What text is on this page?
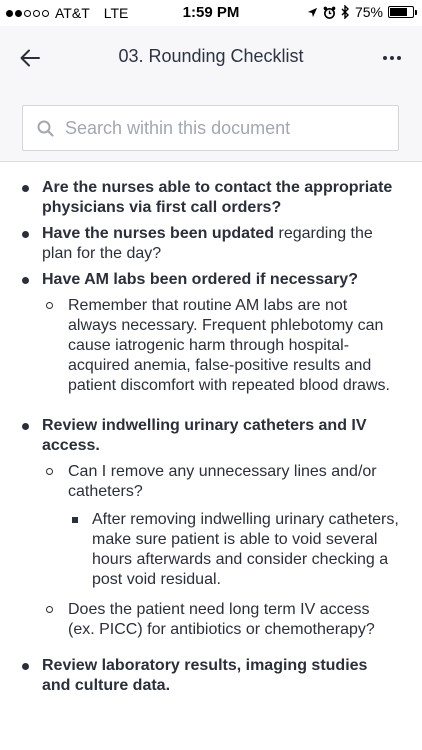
AT&T LTE	1:59 PM	75%
03. Rounding Checklist
Search within this document
Are the nurses able to contact the appropriate physicians via first call orders?
Have the nurses been updated regarding the plan for the day?
Have AM labs been ordered if necessary?
Remember that routine AM labs are not always necessary. Frequent phlebotomy can cause iatrogenic harm through hospital-acquired anemia, false-positive results and patient discomfort with repeated blood draws.
Review indwelling urinary catheters and IV access.
Can I remove any unnecessary lines and/or catheters?
After removing indwelling urinary catheters, make sure patient is able to void several hours afterwards and consider checking a post void residual.
Does the patient need long term IV access (ex. PICC) for antibiotics or chemotherapy?
Review laboratory results, imaging studies and culture data.
